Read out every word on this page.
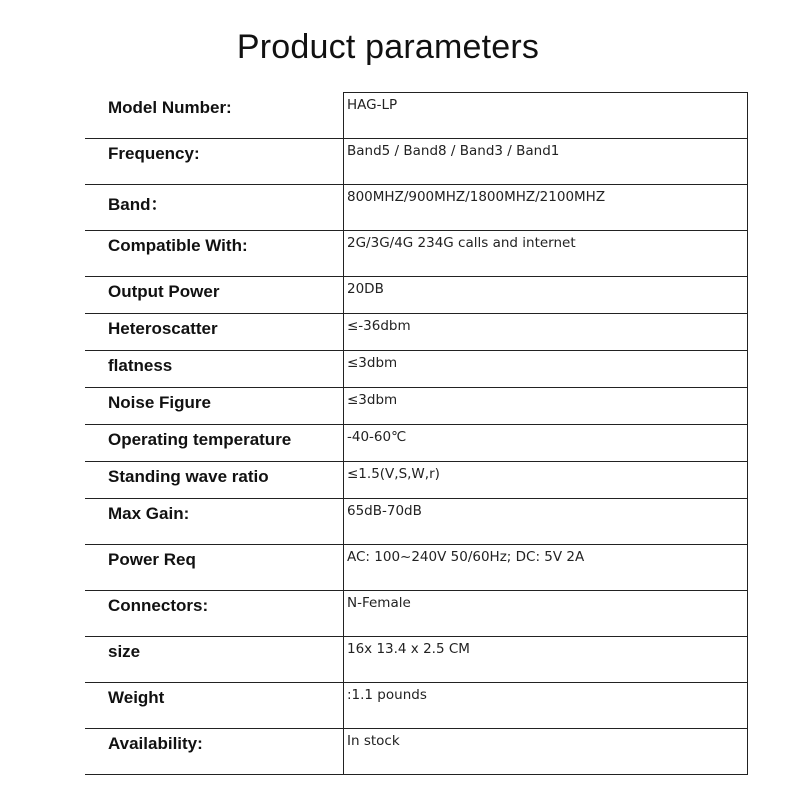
Product parameters
Model Number:	HAG-LP
Frequency:	Band5 / Band8 / Band3 / Band1
Band：	800MHZ/900MHZ/1800MHZ/2100MHZ
Compatible With:	2G/3G/4G 234G calls and internet
Output Power	20DB
Heteroscatter	≤-36dbm
flatness	≤3dbm
Noise Figure	≤3dbm
Operating temperature	-40-60℃
Standing wave ratio	≤1.5(V,S,W,r)
Max Gain:	65dB-70dB
Power Req	AC: 100~240V 50/60Hz; DC: 5V 2A
Connectors:	N-Female
size	16x 13.4 x 2.5 CM
Weight	:1.1 pounds
Availability:	In stock
